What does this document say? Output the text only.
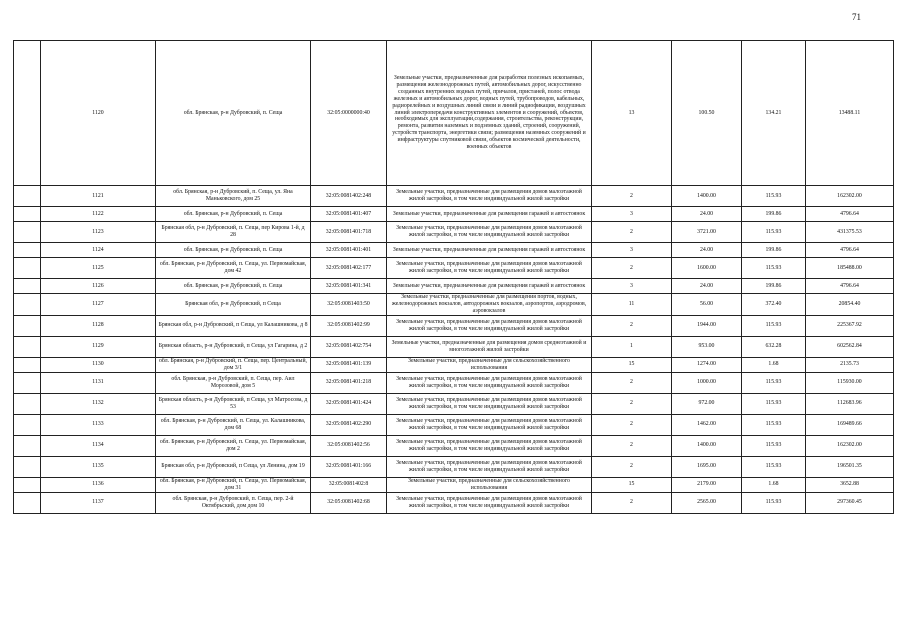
71
	1120	обл. Брянская, р-н Дубровский, п. Сеща	32:05:0000000:40	Земельные участки, предназначенные для разработки полезных ископаемых, размещения железнодорожных путей, автомобильных дорог, искусственно созданных внутренних водных путей, причалов, пристаней, полос отвода железных и автомобильных дорог, водных путей, трубопроводов, кабельных, радиорелейных и воздушных линий связи и линий радиофикации, воздушных линий электропередачи конструктивных элементов и сооружений, объектов, необходимых для эксплуатации,содержания, строительства, реконструкции, ремонта, развития наземных и подземных зданий, строений, сооружений, устройств транспорта, энергетики связи; размещения наземных сооружений и инфраструктуры спутниковой связи, объектов космической деятельности, военных объектов	13	100.50	134.21	13488.11
	1121	обл. Брянская, р-н Дубровский, п. Сеща, ул. Яна Маньковского, дом 25	32:05:0081402:248	Земельные участки, предназначенные для размещения домов малоэтажной жилой застройки, в том числе индивидуальной жилой застройки	2	1400.00	115.93	162302.00
	1122	обл. Брянская, р-н Дубровский, п. Сеща	32:05:0081401:407	Земельные участки, предназначенные для размещения гаражей и автостоянок	3	24.00	199.86	4796.64
	1123	Брянская обл, р-н Дубровский, п. Сеща, пер Кирова 1-й, д 28	32:05:0081401:718	Земельные участки, предназначенные для размещения домов малоэтажной жилой застройки, в том числе индивидуальной жилой застройки	2	3721.00	115.93	431375.53
	1124	обл. Брянская, р-н Дубровский, п. Сеща	32:05:0081401:401	Земельные участки, предназначенные для размещения гаражей и автостоянок	3	24.00	199.86	4796.64
	1125	обл. Брянская, р-н Дубровский, п. Сеща, ул. Первомайская, дом 42	32:05:0081402:177	Земельные участки, предназначенные для размещения домов малоэтажной жилой застройки, в том числе индивидуальной жилой застройки	2	1600.00	115.93	185488.00
	1126	обл. Брянская, р-н Дубровский, п. Сеща	32:05:0081401:341	Земельные участки, предназначенные для размещения гаражей и автостоянок	3	24.00	199.86	4796.64
	1127	Брянская обл, р-н Дубровский, п Сеща	32:05:0081403:50	Земельные участки, предназначенные для размещения портов, водных, железнодорожных вокзалов, автодорожных вокзалов, аэропортов, аэродромов, аэровокзалов	11	56.00	372.40	20854.40
	1128	Брянская обл, р-н Дубровский, п Сеща, ул Калашникова, д 8	32:05:0081402:99	Земельные участки, предназначенные для размещения домов малоэтажной жилой застройки, в том числе индивидуальной жилой застройки	2	1944.00	115.93	225367.92
	1129	Брянская область, р-н Дубровский, п Сеща, ул Гагарина, д 2	32:05:0081402:754	Земельные участки, предназначенные для размещения домов среднеэтажной и многоэтажной жилой застройки	1	953.00	632.28	602562.84
	1130	обл. Брянская, р-н Дубровский, п. Сеща, пер. Центральный, дом 3/1	32:05:0081401:139	Земельные участки, предназначенные для сельскохозяйственного использования	15	1274.00	1.68	2135.73
	1131	обл. Брянская, р-н Дубровский, п. Сеща, пер. Аил Морозовой, дом 5	32:05:0081401:218	Земельные участки, предназначенные для размещения домов малоэтажной жилой застройки, в том числе индивидуальной жилой застройки	2	1000.00	115.93	115930.00
	1132	Брянская область, р-н Дубровский, п Сеща, ул Матросова, д 53	32:05:0081401:424	Земельные участки, предназначенные для размещения домов малоэтажной жилой застройки, в том числе индивидуальной жилой застройки	2	972.00	115.93	112683.96
	1133	обл. Брянская, р-н Дубровский, п. Сеща, ул. Калашникова, дом 68	32:05:0081402:290	Земельные участки, предназначенные для размещения домов малоэтажной жилой застройки, в том числе индивидуальной жилой застройки	2	1462.00	115.93	169489.66
	1134	обл. Брянская, р-н Дубровский, п. Сеща, ул. Первомайская, дом 2	32:05:0081402:56	Земельные участки, предназначенные для размещения домов малоэтажной жилой застройки, в том числе индивидуальной жилой застройки	2	1400.00	115.93	162302.00
	1135	Брянская обл, р-н Дубровский, п Сеща, ул Ленина, дом 19	32:05:0081401:166	Земельные участки, предназначенные для размещения домов малоэтажной жилой застройки, в том числе индивидуальной жилой застройки	2	1695.00	115.93	196501.35
	1136	обл. Брянская, р-н Дубровский, п. Сеща, ул. Первомайская, дом 31	32:05:0081402:8	Земельные участки, предназначенные для сельскохозяйственного использования	15	2179.00	1.68	3652.88
	1137	обл. Брянская, р-н Дубровский, п. Сеща, пер. 2-й Октябрьский, дом дом 10	32:05:0081402:68	Земельные участки, предназначенные для размещения домов малоэтажной жилой застройки, в том числе индивидуальной жилой застройки	2	2565.00	115.93	297360.45
